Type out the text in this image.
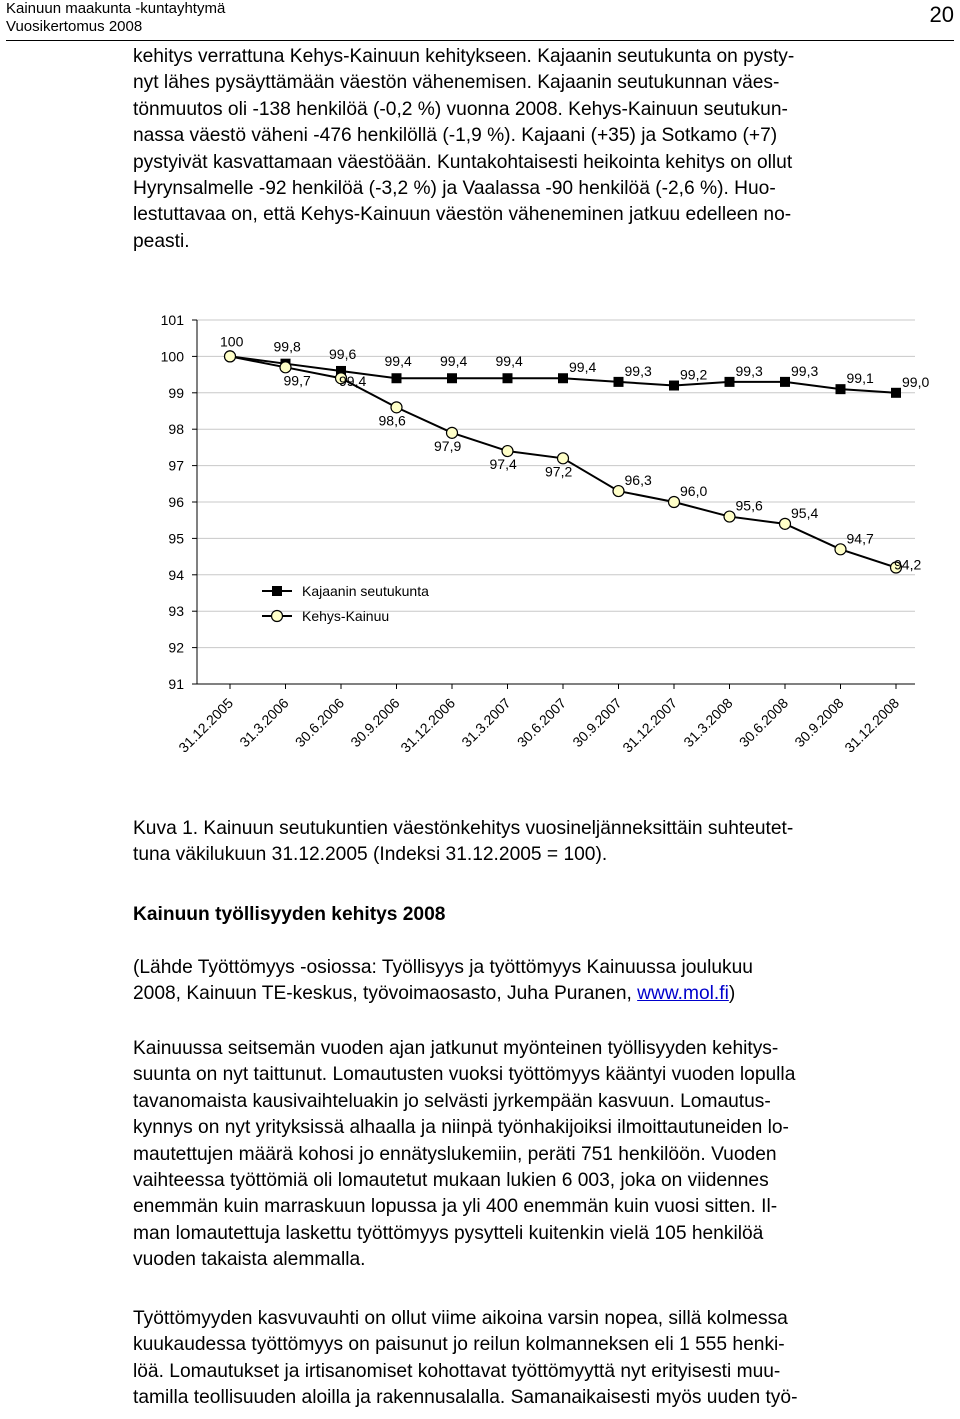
Kainuun maakunta -kuntayhtymä
Vuosikertomus 2008	20
kehitys verrattuna Kehys-Kainuun kehitykseen. Kajaanin seutukunta on pysty-
nyt lähes pysäyttämään väestön vähenemisen. Kajaanin seutukunnan väes-
tönmuutos oli -138 henkilöä (-0,2 %) vuonna 2008. Kehys-Kainuun seutukun-
nassa väestö väheni -476 henkilöllä (-1,9 %). Kajaani (+35) ja Sotkamo (+7)
pystyivät kasvattamaan väestöään. Kuntakohtaisesti heikointa kehitys on ollut
Hyrynsalmelle -92 henkilöä (-3,2 %) ja Vaalassa -90 henkilöä (-2,6 %). Huo-
lestuttavaa on, että Kehys-Kainuun väestön väheneminen jatkuu edelleen no-
peasti.
101
100
99
98
97
96
95
94
93
92
91
31.12.2005 31.3.2006 30.6.2006 30.9.2006
31.12.2006 31.3.2007 30.6.2007 30.9.2007
31.12.2007 31.3.2008 30.6.2008 30.9.2008
31.12.2008
100 99,8 99,6 99,4 99,4 99,4	99,4 99,3 99,2 99,3 99,3 99,1 99,0
99,7 99,4
98,6
97,9
97,4 97,2
96,3
96,0
95,6 95,4
94,7
94,2
Kajaanin seutukunta
Kehys-Kainuu
Kuva 1. Kainuun seutukuntien väestönkehitys vuosineljänneksittäin suhteutet-
tuna väkilukuun 31.12.2005 (Indeksi 31.12.2005 = 100).
Kainuun työllisyyden kehitys 2008
(Lähde Työttömyys -osiossa: Työllisyys ja työttömyys Kainuussa joulukuu
2008, Kainuun TE-keskus, työvoimaosasto, Juha Puranen, www.mol.fi)
Kainuussa seitsemän vuoden ajan jatkunut myönteinen työllisyyden kehitys-
suunta on nyt taittunut. Lomautusten vuoksi työttömyys kääntyi vuoden lopulla
tavanomaista kausivaihteluakin jo selvästi jyrkempään kasvuun. Lomautus-
kynnys on nyt yrityksissä alhaalla ja niinpä työnhakijoiksi ilmoittautuneiden lo-
mautettujen määrä kohosi jo ennätyslukemiin, peräti 751 henkilöön. Vuoden
vaihteessa työttömiä oli lomautetut mukaan lukien 6 003, joka on viidennes
enemmän kuin marraskuun lopussa ja yli 400 enemmän kuin vuosi sitten. Il-
man lomautettuja laskettu työttömyys pysytteli kuitenkin vielä 105 henkilöä
vuoden takaista alemmalla.
Työttömyyden kasvuvauhti on ollut viime aikoina varsin nopea, sillä kolmessa
kuukaudessa työttömyys on paisunut jo reilun kolmanneksen eli 1 555 henki-
löä. Lomautukset ja irtisanomiset kohottavat työttömyyttä nyt erityisesti muu-
tamilla teollisuuden aloilla ja rakennusalalla. Samanaikaisesti myös uuden työ-
